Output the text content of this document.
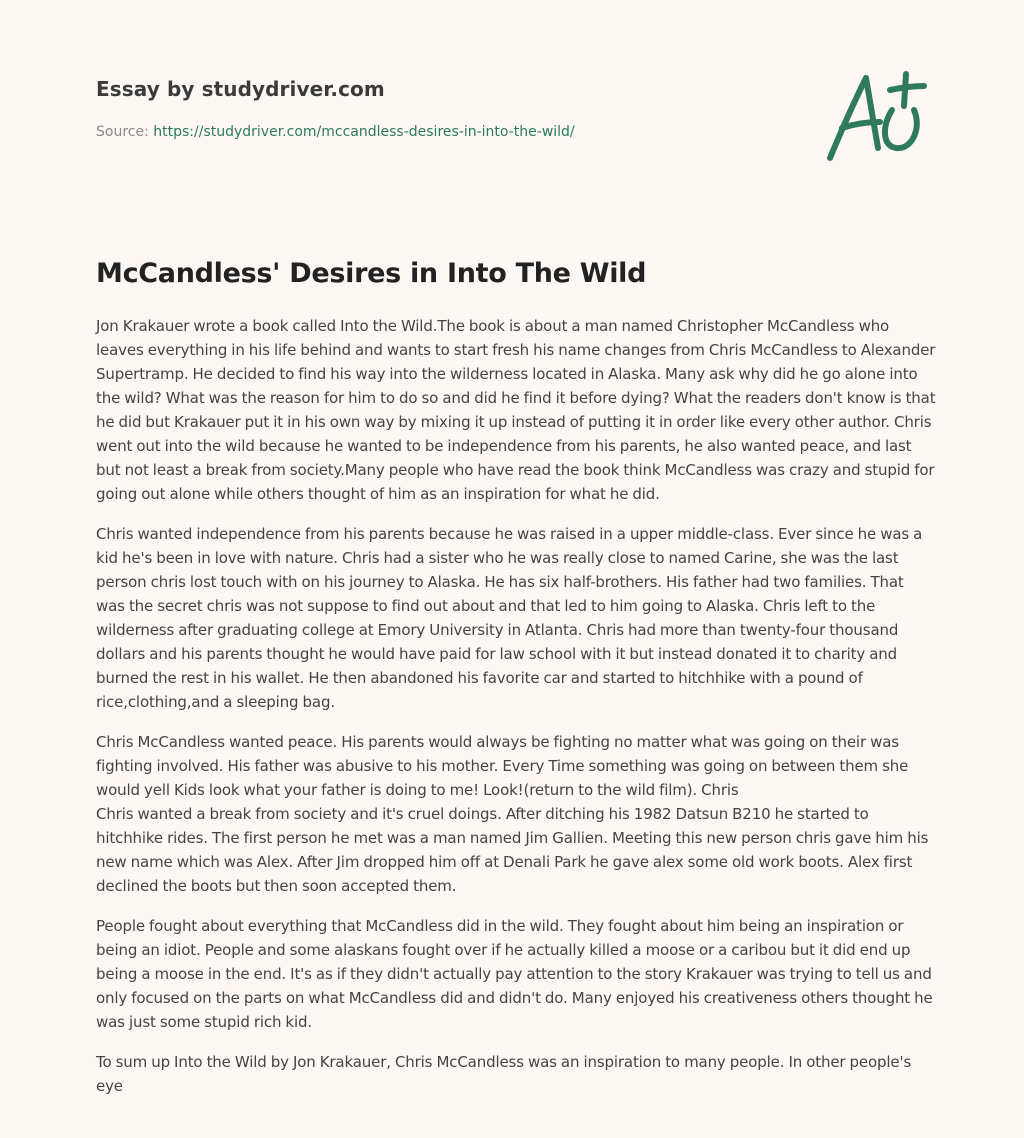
Essay by studydriver.com
Source: https://studydriver.com/mccandless-desires-in-into-the-wild/
McCandless' Desires in Into The Wild

Jon Krakauer wrote a book called Into the Wild.The book is about a man named Christopher McCandless who leaves everything in his life behind and wants to start fresh his name changes from Chris McCandless to Alexander Supertramp. He decided to find his way into the wilderness located in Alaska. Many ask why did he go alone into the wild? What was the reason for him to do so and did he find it before dying? What the readers don't know is that he did but Krakauer put it in his own way by mixing it up instead of putting it in order like every other author. Chris went out into the wild because he wanted to be independence from his parents, he also wanted peace, and last but not least a break from society.Many people who have read the book think McCandless was crazy and stupid for going out alone while others thought of him as an inspiration for what he did.

Chris wanted independence from his parents because he was raised in a upper middle-class. Ever since he was a kid he's been in love with nature. Chris had a sister who he was really close to named Carine, she was the last person chris lost touch with on his journey to Alaska. He has six half-brothers. His father had two families. That was the secret chris was not suppose to find out about and that led to him going to Alaska. Chris left to the wilderness after graduating college at Emory University in Atlanta. Chris had more than twenty-four thousand dollars and his parents thought he would have paid for law school with it but instead donated it to charity and burned the rest in his wallet. He then abandoned his favorite car and started to hitchhike with a pound of rice,clothing,and a sleeping bag.

Chris McCandless wanted peace. His parents would always be fighting no matter what was going on their was fighting involved. His father was abusive to his mother. Every Time something was going on between them she would yell Kids look what your father is doing to me! Look!(return to the wild film). Chris

Chris wanted a break from society and it's cruel doings. After ditching his 1982 Datsun B210 he started to hitchhike rides. The first person he met was a man named Jim Gallien. Meeting this new person chris gave him his new name which was Alex. After Jim dropped him off at Denali Park he gave alex some old work boots. Alex first declined the boots but then soon accepted them.

People fought about everything that McCandless did in the wild. They fought about him being an inspiration or being an idiot. People and some alaskans fought over if he actually killed a moose or a caribou but it did end up being a moose in the end. It's as if they didn't actually pay attention to the story Krakauer was trying to tell us and only focused on the parts on what McCandless did and didn't do. Many enjoyed his creativeness others thought he was just some stupid rich kid.

To sum up Into the Wild by Jon Krakauer, Chris McCandless was an inspiration to many people. In other people's eye
